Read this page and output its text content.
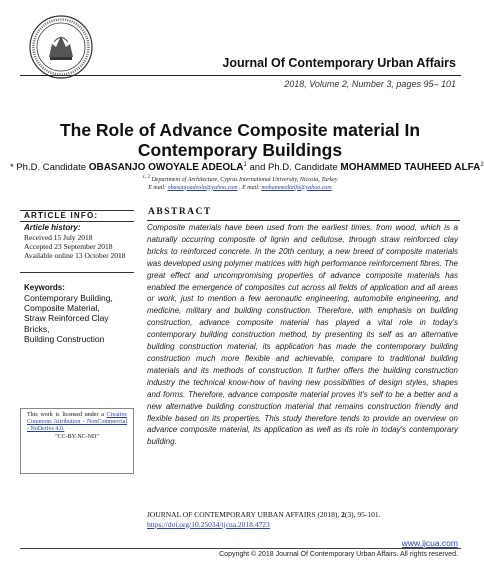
Journal Of Contemporary Urban Affairs
2018, Volume 2, Number 3, pages 95– 101
The Role of Advance Composite material In Contemporary Buildings
* Ph.D. Candidate OBASANJO OWOYALE ADEOLA$^1$ and Ph.D. Candidate MOHAMMED TAUHEED ALFA$^2$
$^{1, 2}$ Department of Architecture, Cyprus International University, Nicosia, Turkey
E mail: obasanjoadeola@yahoo.com , E mail: mohammedtalfa@yahoo.com
ARTICLE INFO:
Article history:
Received 15 July 2018
Accepted 23 September 2018
Available online 13 October 2018
Keywords:
Contemporary Building, Composite Material,
Straw Reinforced Clay Bricks,
Building Construction
This work is licensed under a Creative Commons Attribution - NonCommercial - NoDerivs 4.0.
"CC-BY-NC-ND"
ABSTRACT
Composite materials have been used from the earliest times, from wood, which is a naturally occurring composite of lignin and cellulose, through straw reinforced clay bricks to reinforced concrete. In the 20th century, a new breed of composite materials was developed using polymer matrices with high performance reinforcement fibres. The great effect and uncompromising properties of advance composite materials has enabled the emergence of composites cut across all fields of application and all areas or work, just to mention a few aeronautic engineering, automobile engineering, and medicine, military and building construction. Therefore, with emphasis on building construction, advance composite material has played a vital role in today's contemporary building construction method, by presenting its self as an alternative building construction material, its application has made the contemporary building construction much more flexible and achievable, compare to traditional building materials and its methods of construction. It further offers the building construction industry the technical know-how of having new possibilities of design styles, shapes and forms. Therefore, advance composite material proves it's self to be a better and a new alternative building construction material that remains construction friendly and flexible based on its properties. This study therefore tends to provide an overview on advance composite material, its application as well as its role in today's contemporary building.
JOURNAL OF CONTEMPORARY URBAN AFFAIRS (2018), 2(3), 95-101.
https://doi.org/10.25034/ijcua.2018.4723
www.ijcua.com
Copyright © 2018 Journal Of Contemporary Urban Affairs. All rights reserved.
